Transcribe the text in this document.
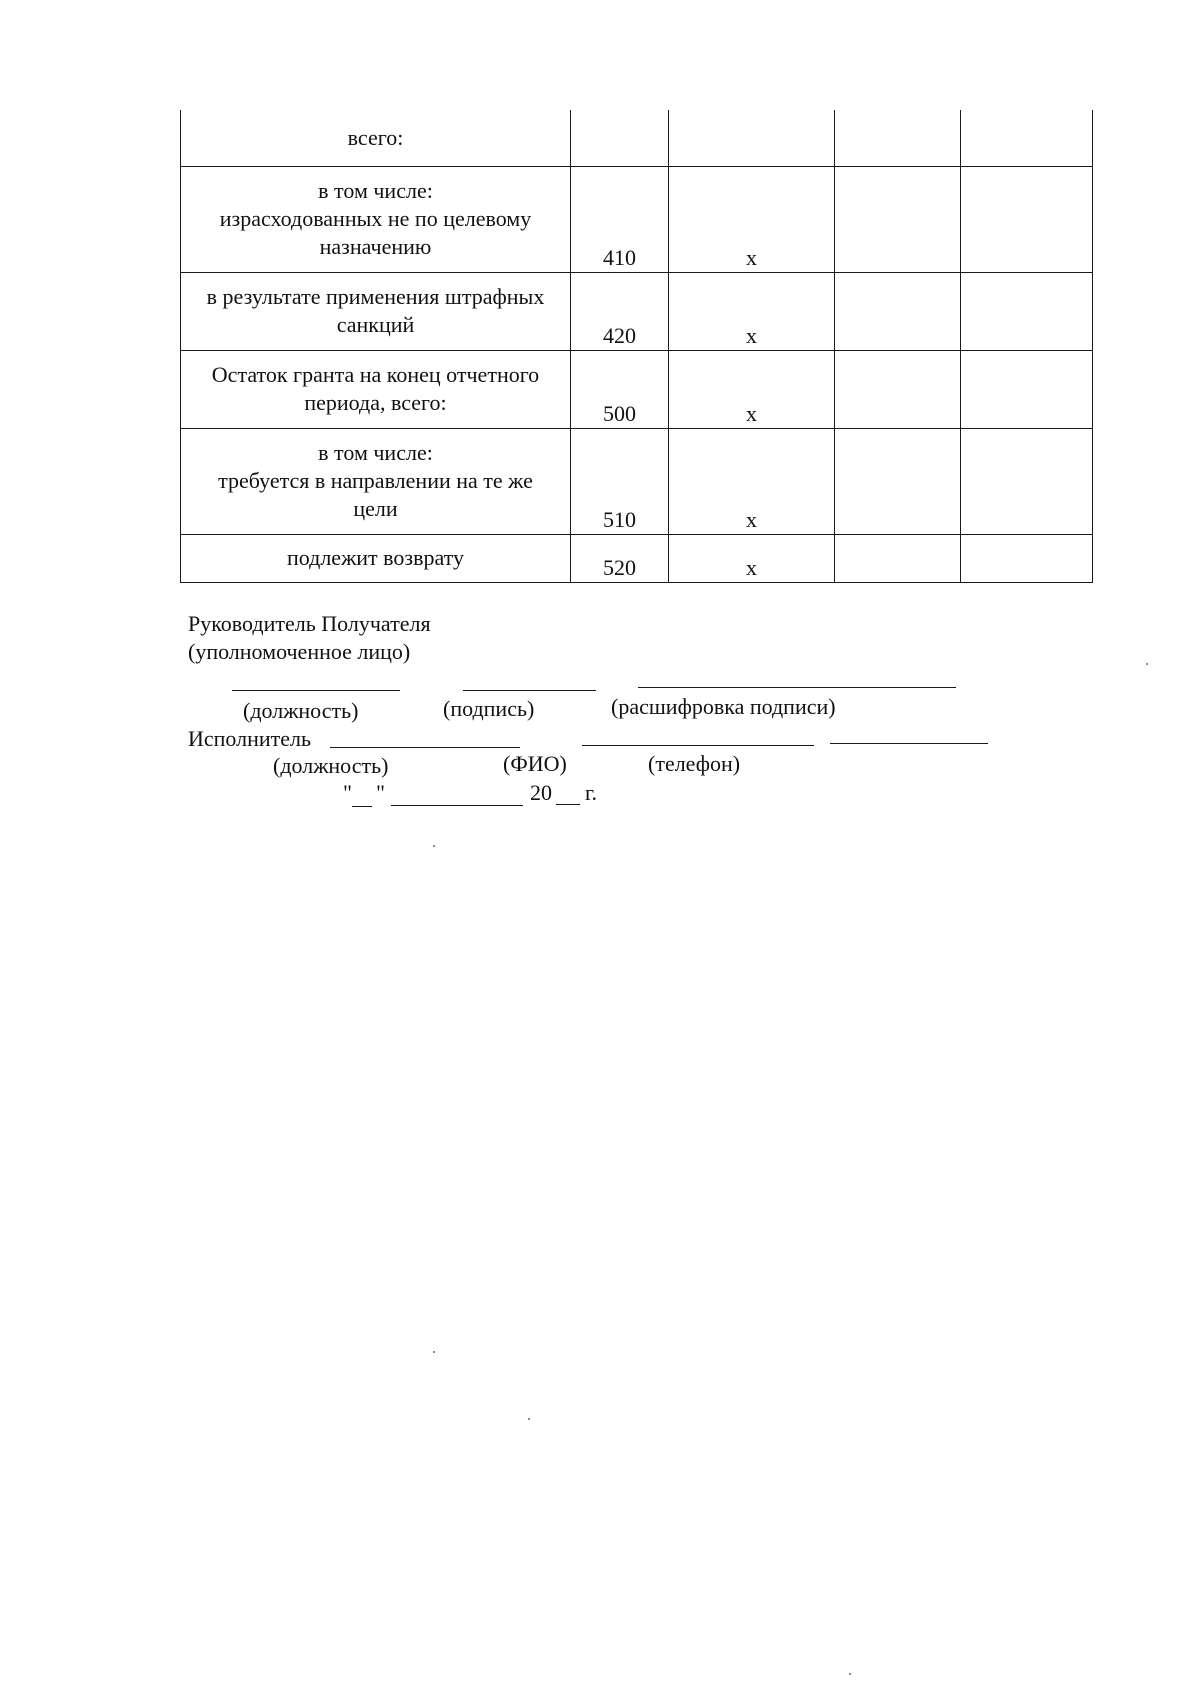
всего:				

в том числе:
израсходованных не по целевому
назначению	410	x		

в результате применения штрафных
санкций	420	x		

Остаток гранта на конец отчетного
периода, всего:	500	x		

в том числе:
требуется в направлении на те же
цели	510	x		

подлежит возврату	520	x		
Руководитель Получателя
(уполномоченное лицо)
(должность)	(подпись)	(расшифровка подписи)
Исполнитель
(должность)	(ФИО)	(телефон)
" "	20 г.
